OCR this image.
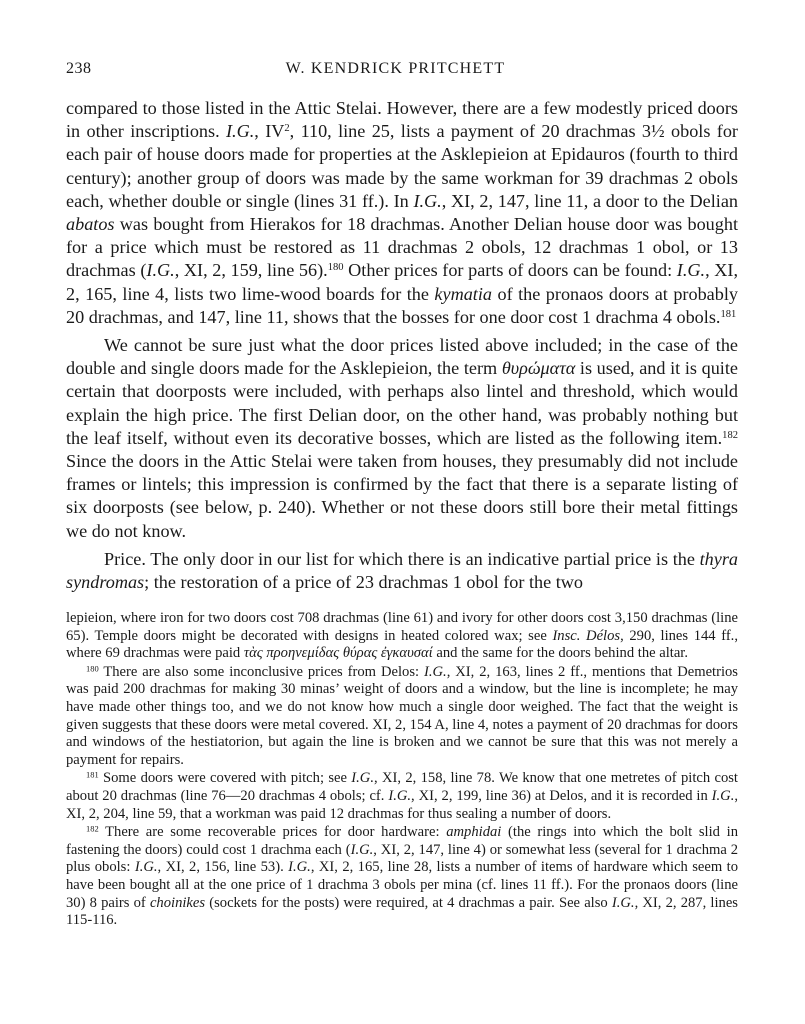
238	W. KENDRICK PRITCHETT

compared to those listed in the Attic Stelai. However, there are a few modestly priced doors in other inscriptions. I.G., $IV^2$, 110, line 25, lists a payment of 20 drachmas 3½ obols for each pair of house doors made for properties at the Asklepieion at Epidauros (fourth to third century); another group of doors was made by the same workman for 39 drachmas 2 obols each, whether double or single (lines 31 ff.). In I.G., XI, 2, 147, line 11, a door to the Delian abatos was bought from Hierakos for 18 drachmas. Another Delian house door was bought for a price which must be restored as 11 drachmas 2 obols, 12 drachmas 1 obol, or 13 drachmas (I.G., XI, 2, 159, line 56).$^{180}$ Other prices for parts of doors can be found: I.G., XI, 2, 165, line 4, lists two lime-wood boards for the kymatia of the pronaos doors at probably 20 drachmas, and 147, line 11, shows that the bosses for one door cost 1 drachma 4 obols.$^{181}$

We cannot be sure just what the door prices listed above included; in the case of the double and single doors made for the Asklepieion, the term θυρώματα is used, and it is quite certain that doorposts were included, with perhaps also lintel and threshold, which would explain the high price. The first Delian door, on the other hand, was probably nothing but the leaf itself, without even its decorative bosses, which are listed as the following item.$^{182}$ Since the doors in the Attic Stelai were taken from houses, they presumably did not include frames or lintels; this impression is confirmed by the fact that there is a separate listing of six doorposts (see below, p. 240). Whether or not these doors still bore their metal fittings we do not know.

Price. The only door in our list for which there is an indicative partial price is the thyra syndromas; the restoration of a price of 23 drachmas 1 obol for the two

lepieion, where iron for two doors cost 708 drachmas (line 61) and ivory for other doors cost 3,150 drachmas (line 65). Temple doors might be decorated with designs in heated colored wax; see Insc. Délos, 290, lines 144 ff., where 69 drachmas were paid τὰς προηνεμίδας θύρας ἐγκαυσαί and the same for the doors behind the altar.

$^{180}$ There are also some inconclusive prices from Delos: I.G., XI, 2, 163, lines 2 ff., mentions that Demetrios was paid 200 drachmas for making 30 minas’ weight of doors and a window, but the line is incomplete; he may have made other things too, and we do not know how much a single door weighed. The fact that the weight is given suggests that these doors were metal covered. XI, 2, 154 A, line 4, notes a payment of 20 drachmas for doors and windows of the hestiatorion, but again the line is broken and we cannot be sure that this was not merely a payment for repairs.

$^{181}$ Some doors were covered with pitch; see I.G., XI, 2, 158, line 78. We know that one metretes of pitch cost about 20 drachmas (line 76—20 drachmas 4 obols; cf. I.G., XI, 2, 199, line 36) at Delos, and it is recorded in I.G., XI, 2, 204, line 59, that a workman was paid 12 drachmas for thus sealing a number of doors.

$^{182}$ There are some recoverable prices for door hardware: amphidai (the rings into which the bolt slid in fastening the doors) could cost 1 drachma each (I.G., XI, 2, 147, line 4) or somewhat less (several for 1 drachma 2 plus obols: I.G., XI, 2, 156, line 53). I.G., XI, 2, 165, line 28, lists a number of items of hardware which seem to have been bought all at the one price of 1 drachma 3 obols per mina (cf. lines 11 ff.). For the pronaos doors (line 30) 8 pairs of choinikes (sockets for the posts) were required, at 4 drachmas a pair. See also I.G., XI, 2, 287, lines 115-116.
